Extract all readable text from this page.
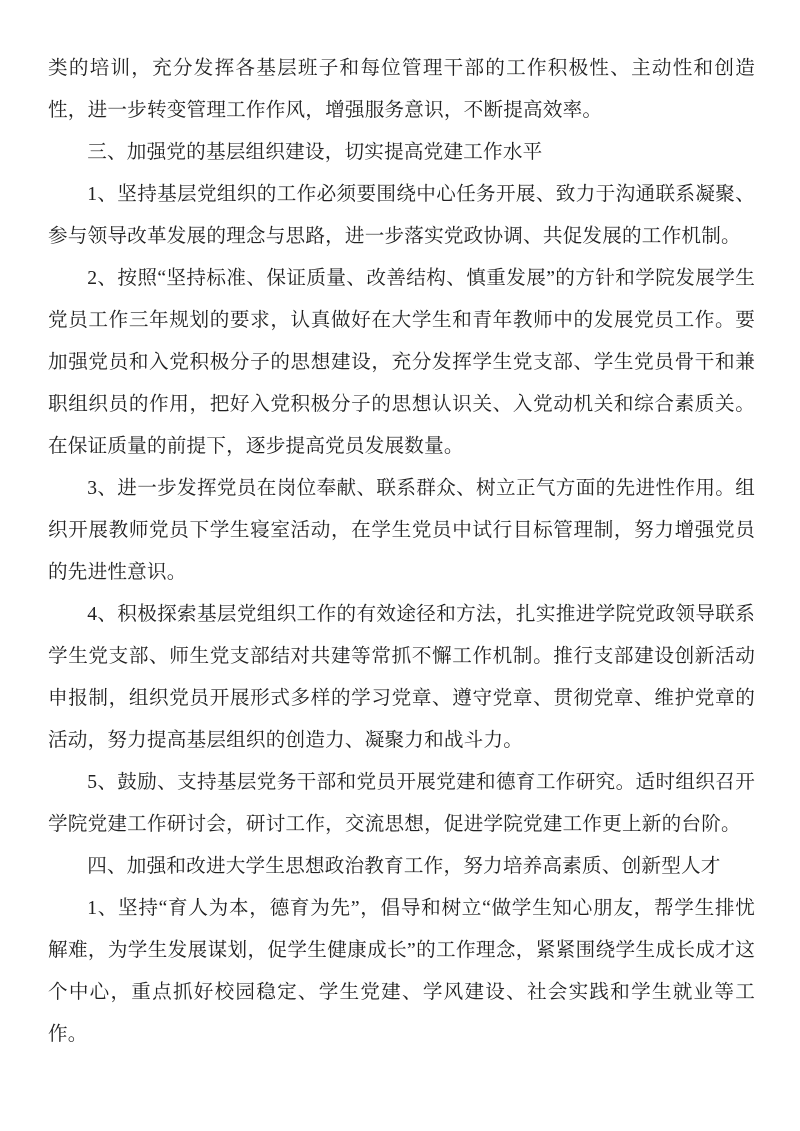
类的培训，充分发挥各基层班子和每位管理干部的工作积极性、主动性和创造性，进一步转变管理工作作风，增强服务意识，不断提高效率。

三、加强党的基层组织建设，切实提高党建工作水平

1、坚持基层党组织的工作必须要围绕中心任务开展、致力于沟通联系凝聚、参与领导改革发展的理念与思路，进一步落实党政协调、共促发展的工作机制。

2、按照“坚持标准、保证质量、改善结构、慎重发展”的方针和学院发展学生党员工作三年规划的要求，认真做好在大学生和青年教师中的发展党员工作。要加强党员和入党积极分子的思想建设，充分发挥学生党支部、学生党员骨干和兼职组织员的作用，把好入党积极分子的思想认识关、入党动机关和综合素质关。在保证质量的前提下，逐步提高党员发展数量。

3、进一步发挥党员在岗位奉献、联系群众、树立正气方面的先进性作用。组织开展教师党员下学生寝室活动，在学生党员中试行目标管理制，努力增强党员的先进性意识。

4、积极探索基层党组织工作的有效途径和方法，扎实推进学院党政领导联系学生党支部、师生党支部结对共建等常抓不懈工作机制。推行支部建设创新活动申报制，组织党员开展形式多样的学习党章、遵守党章、贯彻党章、维护党章的活动，努力提高基层组织的创造力、凝聚力和战斗力。

5、鼓励、支持基层党务干部和党员开展党建和德育工作研究。适时组织召开学院党建工作研讨会，研讨工作，交流思想，促进学院党建工作更上新的台阶。

四、加强和改进大学生思想政治教育工作，努力培养高素质、创新型人才

1、坚持“育人为本，德育为先”，倡导和树立“做学生知心朋友，帮学生排忧解难，为学生发展谋划，促学生健康成长”的工作理念，紧紧围绕学生成长成才这个中心，重点抓好校园稳定、学生党建、学风建设、社会实践和学生就业等工作。
